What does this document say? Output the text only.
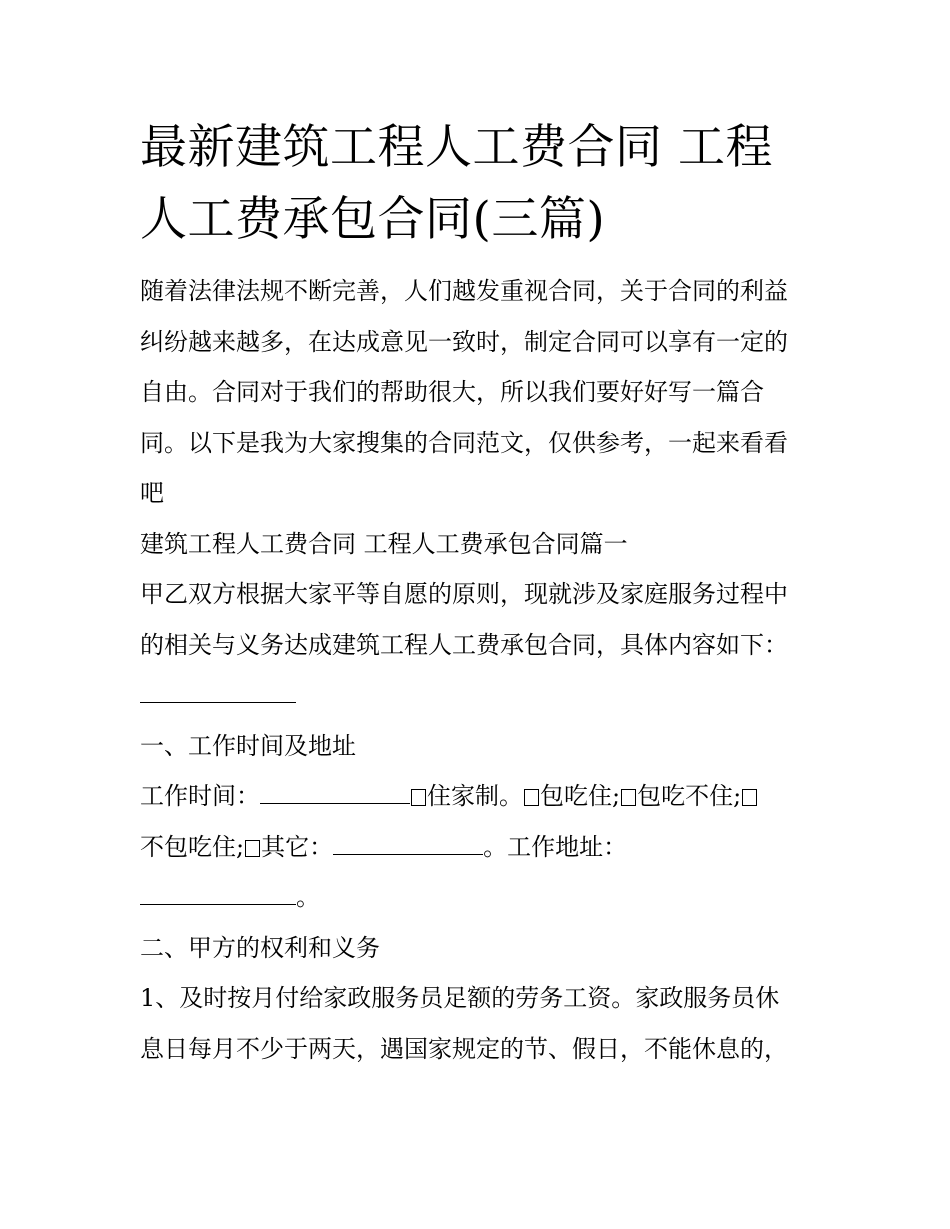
最新建筑工程人工费合同 工程
人工费承包合同(三篇)
随着法律法规不断完善，人们越发重视合同，关于合同的利益
纠纷越来越多，在达成意见一致时，制定合同可以享有一定的
自由。合同对于我们的帮助很大，所以我们要好好写一篇合
同。以下是我为大家搜集的合同范文，仅供参考，一起来看看
吧
建筑工程人工费合同 工程人工费承包合同篇一
甲乙双方根据大家平等自愿的原则，现就涉及家庭服务过程中
的相关与义务达成建筑工程人工费承包合同，具体内容如下：
一、工作时间及地址
工作时间：	住家制。 包吃住; 包吃不住;
不包吃住; 其它：	。工作地址：
。
二、甲方的权利和义务
1、及时按月付给家政服务员足额的劳务工资。家政服务员休
息日每月不少于两天，遇国家规定的节、假日，不能休息的，
